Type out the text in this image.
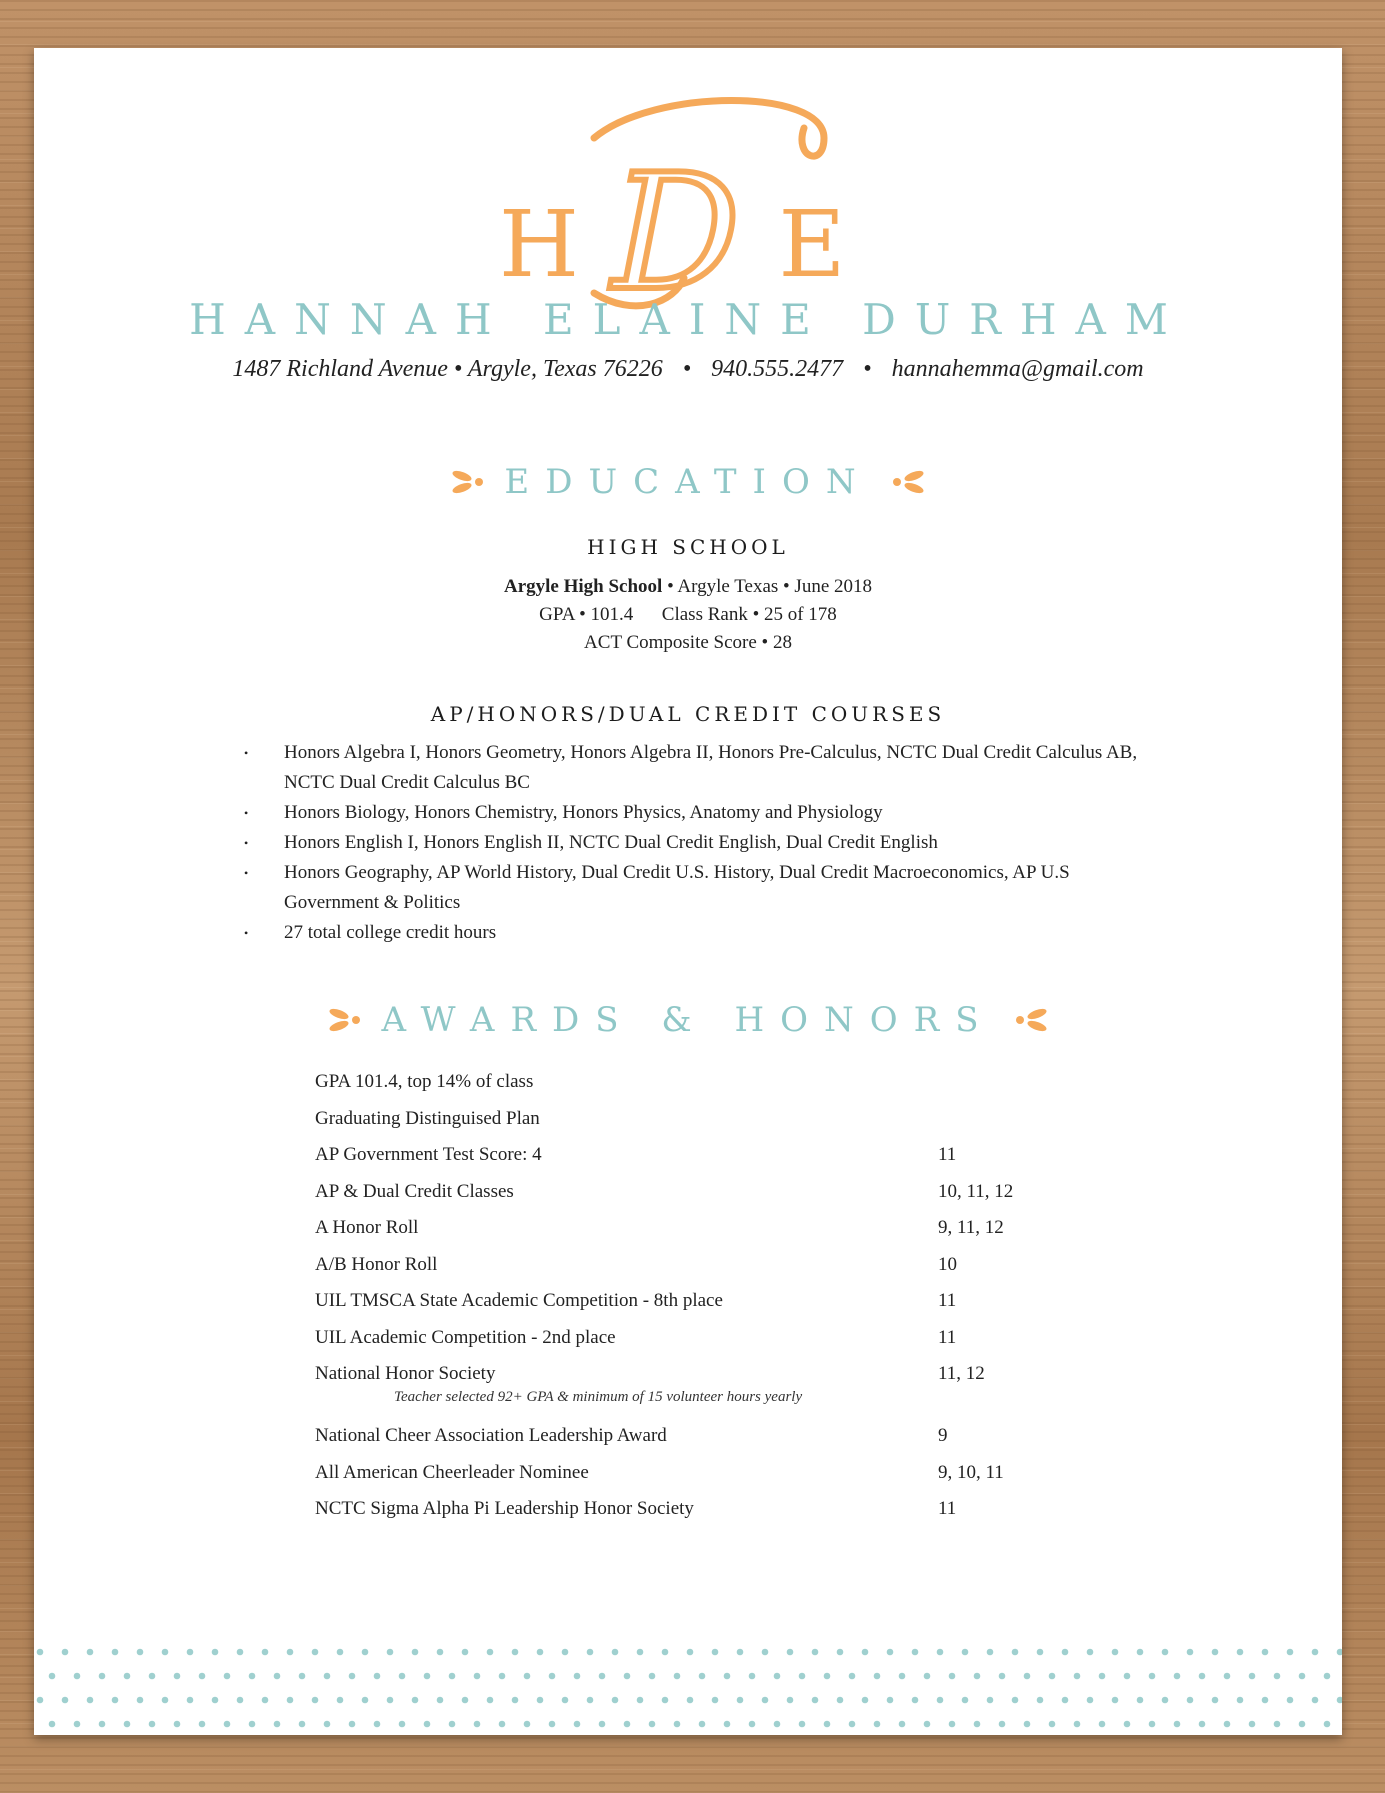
H E
D
HANNAH ELAINE DURHAM
1487 Richland Avenue • Argyle, Texas 76226 • 940.555.2477 • hannahemma@gmail.com
EDUCATION
HIGH SCHOOL
Argyle High School • Argyle Texas • June 2018
GPA • 101.4      Class Rank • 25 of 178
ACT Composite Score • 28
AP/HONORS/DUAL CREDIT COURSES
• Honors Algebra I, Honors Geometry, Honors Algebra II, Honors Pre-Calculus, NCTC Dual Credit Calculus AB, NCTC Dual Credit Calculus BC
• Honors Biology, Honors Chemistry, Honors Physics, Anatomy and Physiology
• Honors English I, Honors English II, NCTC Dual Credit English, Dual Credit English
• Honors Geography, AP World History, Dual Credit U.S. History, Dual Credit Macroeconomics, AP U.S Government & Politics
• 27 total college credit hours
AWARDS & HONORS
GPA 101.4, top 14% of class
Graduating Distinguised Plan
AP Government Test Score: 4	11
AP & Dual Credit Classes	10, 11, 12
A Honor Roll	9, 11, 12
A/B Honor Roll	10
UIL TMSCA State Academic Competition - 8th place	11
UIL Academic Competition - 2nd place	11
National Honor Society	11, 12
Teacher selected 92+ GPA & minimum of 15 volunteer hours yearly
National Cheer Association Leadership Award	9
All American Cheerleader Nominee	9, 10, 11
NCTC Sigma Alpha Pi Leadership Honor Society	11
